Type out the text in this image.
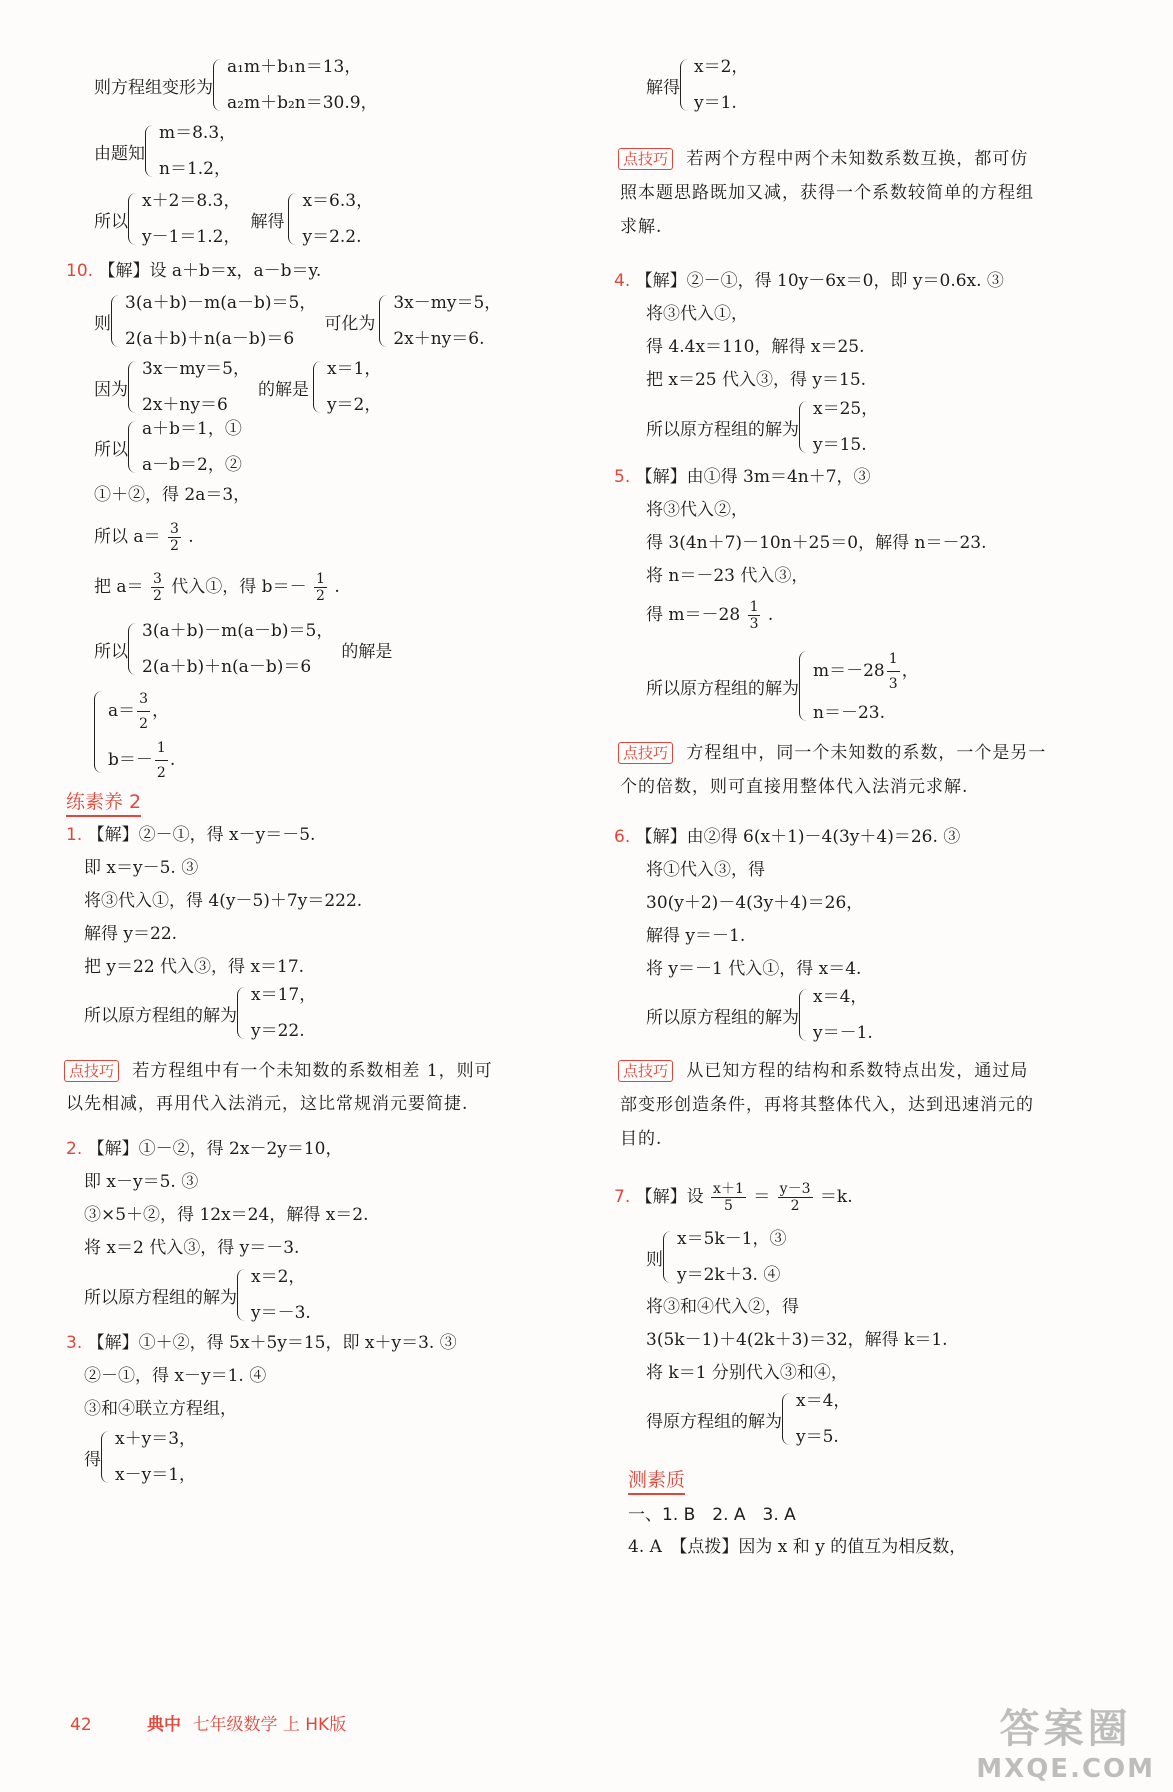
则方程组变形为
a₁m＋b₁n＝13，
a₂m＋b₂n＝30.9，
由题知
m＝8.3，
n＝1.2，
所以
x＋2＝8.3，
y－1＝1.2，
解得
x＝6.3，
y＝2.2.
10. 【解】设 a＋b＝x，a－b＝y.
则
3(a＋b)－m(a－b)＝5，
2(a＋b)＋n(a－b)＝6
可化为
3x－my＝5，
2x＋ny＝6.
因为
3x－my＝5，
2x＋ny＝6
的解是
x＝1，
y＝2，
所以
a＋b＝1，①
a－b＝2，②
①＋②，得 2a＝3，
所以 $a= \frac{3}{2}$ .
把 $a= \frac{3}{2}$ 代入①，得 $b=- \frac{1}{2}$ .
所以
3(a＋b)－m(a－b)＝5，
2(a＋b)＋n(a－b)＝6
的解是
$a= \frac{3}{2}$ ，
$b=- \frac{1}{2}$ .
练素养 2
1. 【解】②－①，得 x－y＝－5.
即 x＝y－5. ③
将③代入①，得 4(y－5)＋7y＝222.
解得 y＝22.
把 y＝22 代入③，得 x＝17.
所以原方程组的解为
x＝17，
y＝22.
点技巧 若方程组中有一个未知数的系数相差 1，则可
以先相减，再用代入法消元，这比常规消元要简捷.
2. 【解】①－②，得 2x－2y＝10，
即 x－y＝5. ③
③×5＋②，得 12x＝24，解得 x＝2.
将 x＝2 代入③，得 y＝－3.
所以原方程组的解为
x＝2，
y＝－3.
3. 【解】①＋②，得 5x＋5y＝15，即 x＋y＝3. ③
②－①，得 x－y＝1. ④
③和④联立方程组，
得
x＋y＝3，
x－y＝1，
解得
x＝2，
y＝1.
点技巧 若两个方程中两个未知数系数互换，都可仿
照本题思路既加又减，获得一个系数较简单的方程组
求解.
4. 【解】②－①，得 10y－6x＝0，即 y＝0.6x. ③
将③代入①，
得 4.4x＝110，解得 x＝25.
把 x＝25 代入③，得 y＝15.
所以原方程组的解为
x＝25，
y＝15.
5. 【解】由①得 3m＝4n＋7，③
将③代入②，
得 3(4n＋7)－10n＋25＝0，解得 n＝－23.
将 n＝－23 代入③，
得 $m=-28 \frac{1}{3}$ .
所以原方程组的解为
$m=-28 \frac{1}{3}$ ，
n＝－23.
点技巧 方程组中，同一个未知数的系数，一个是另一
个的倍数，则可直接用整体代入法消元求解.
6. 【解】由②得 6(x＋1)－4(3y＋4)＝26. ③
将①代入③，得
30(y＋2)－4(3y＋4)＝26，
解得 y＝－1.
将 y＝－1 代入①，得 x＝4.
所以原方程组的解为
x＝4，
y＝－1.
点技巧 从已知方程的结构和系数特点出发，通过局
部变形创造条件，再将其整体代入，达到迅速消元的
目的.
7. 【解】设 $\frac{x+1}{5} = \frac{y-3}{2} =k$.
则
x＝5k－1，③
y＝2k＋3. ④
将③和④代入②，得
3(5k－1)＋4(2k＋3)＝32，解得 k＝1.
将 k＝1 分别代入③和④，
得原方程组的解为
x＝4，
y＝5.
测素质
一、1. B　2. A　3. A
4. A　【点拨】因为 x 和 y 的值互为相反数，
42	典中 七年级数学 上 HK版	答案圈
MXQE.COM
